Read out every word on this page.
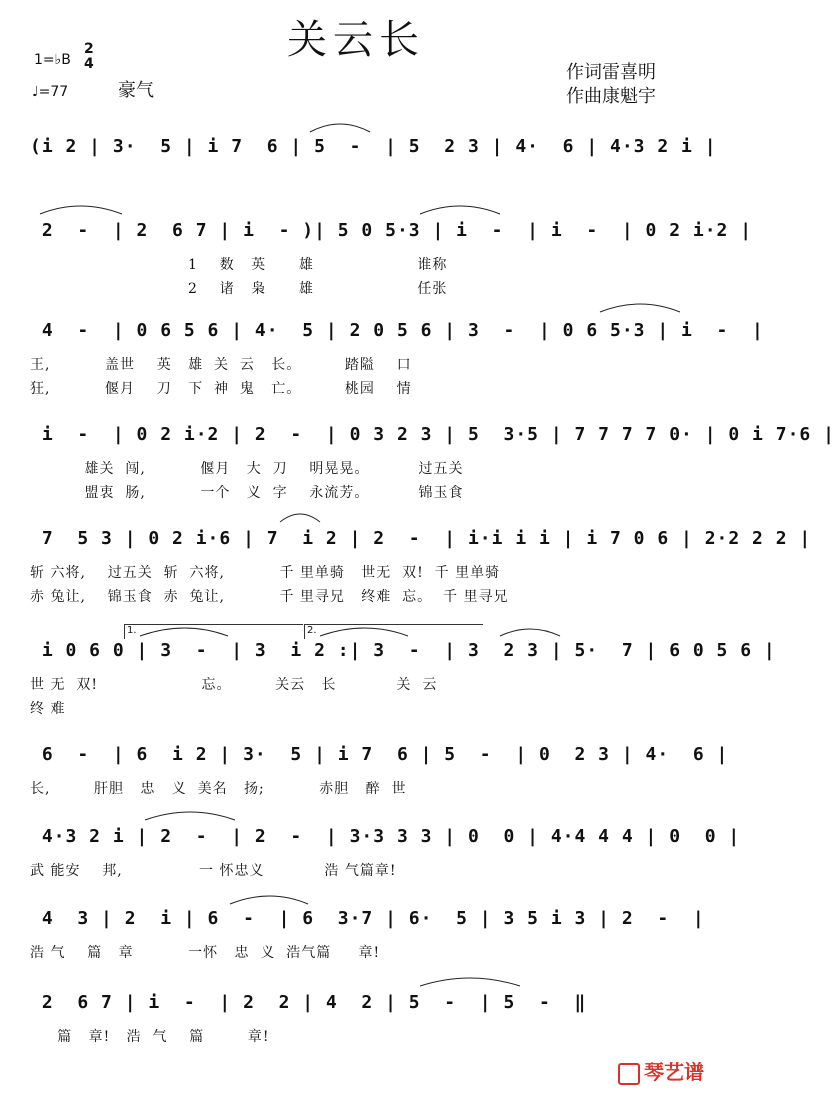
关云长
1=♭B
2
4
♩=77	豪气
作词雷喜明
作曲康魁宇
(i 2 | 3·  5 | i 7  6 | 5  -  | 5  2 3 | 4·  6 | 4·3 2 i |
2  -  | 2  6 7 | i  - )| 5 0 5·3 | i  -  | i  -  | 0 2 i·2 |
1    数   英      雄                   谁称
2    诸   枭      雄                   任张
4  -  | 0 6 5 6 | 4·  5 | 2 0 5 6 | 3  -  | 0 6 5·3 | i  -  |
王,          盖世    英   雄  关  云   长。        踏隘    口
狂,          偃月    刀   下  神  鬼   亡。        桃园    情
i  -  | 0 2 i·2 | 2  -  | 0 3 2 3 | 5  3·5 | 7 7 7 7 0· | 0 i 7·6 |
雄关  闯,          偃月   大  刀    明晃晃。         过五关
盟衷  肠,          一个   义  字    永流芳。         锦玉食
7  5 3 | 0 2 i·6 | 7  i 2 | 2  -  | i·i i i | i 7 0 6 | 2·2 2 2 |
斩 六将,    过五关  斩  六将,          千 里单骑   世无  双!  千 里单骑
赤 兔让,    锦玉食  赤  兔让,          千 里寻兄   终难  忘。  千 里寻兄
1.	2.
i 0 6 0 | 3  -  | 3  i 2 :| 3  -  | 3  2 3 | 5·  7 | 6 0 5 6 |
世 无  双!                   忘。        关云   长           关  云
终 难
6  -  | 6  i 2 | 3·  5 | i 7  6 | 5  -  | 0  2 3 | 4·  6 |
长,        肝胆   忠   义  美名   扬;          赤胆   醉  世
4·3 2 i | 2  -  | 2  -  | 3·3 3 3 | 0  0 | 4·4 4 4 | 0  0 |
武 能安    邦,              一 怀忠义           浩 气篇章!
4  3 | 2  i | 6  -  | 6  3·7 | 6·  5 | 3 5 i 3 | 2  -  |
浩 气    篇   章          一怀   忠  义  浩气篇     章!
2  6 7 | i  -  | 2  2 | 4  2 | 5  -  | 5  -  ‖
篇   章!   浩  气    篇        章!
琴艺谱
